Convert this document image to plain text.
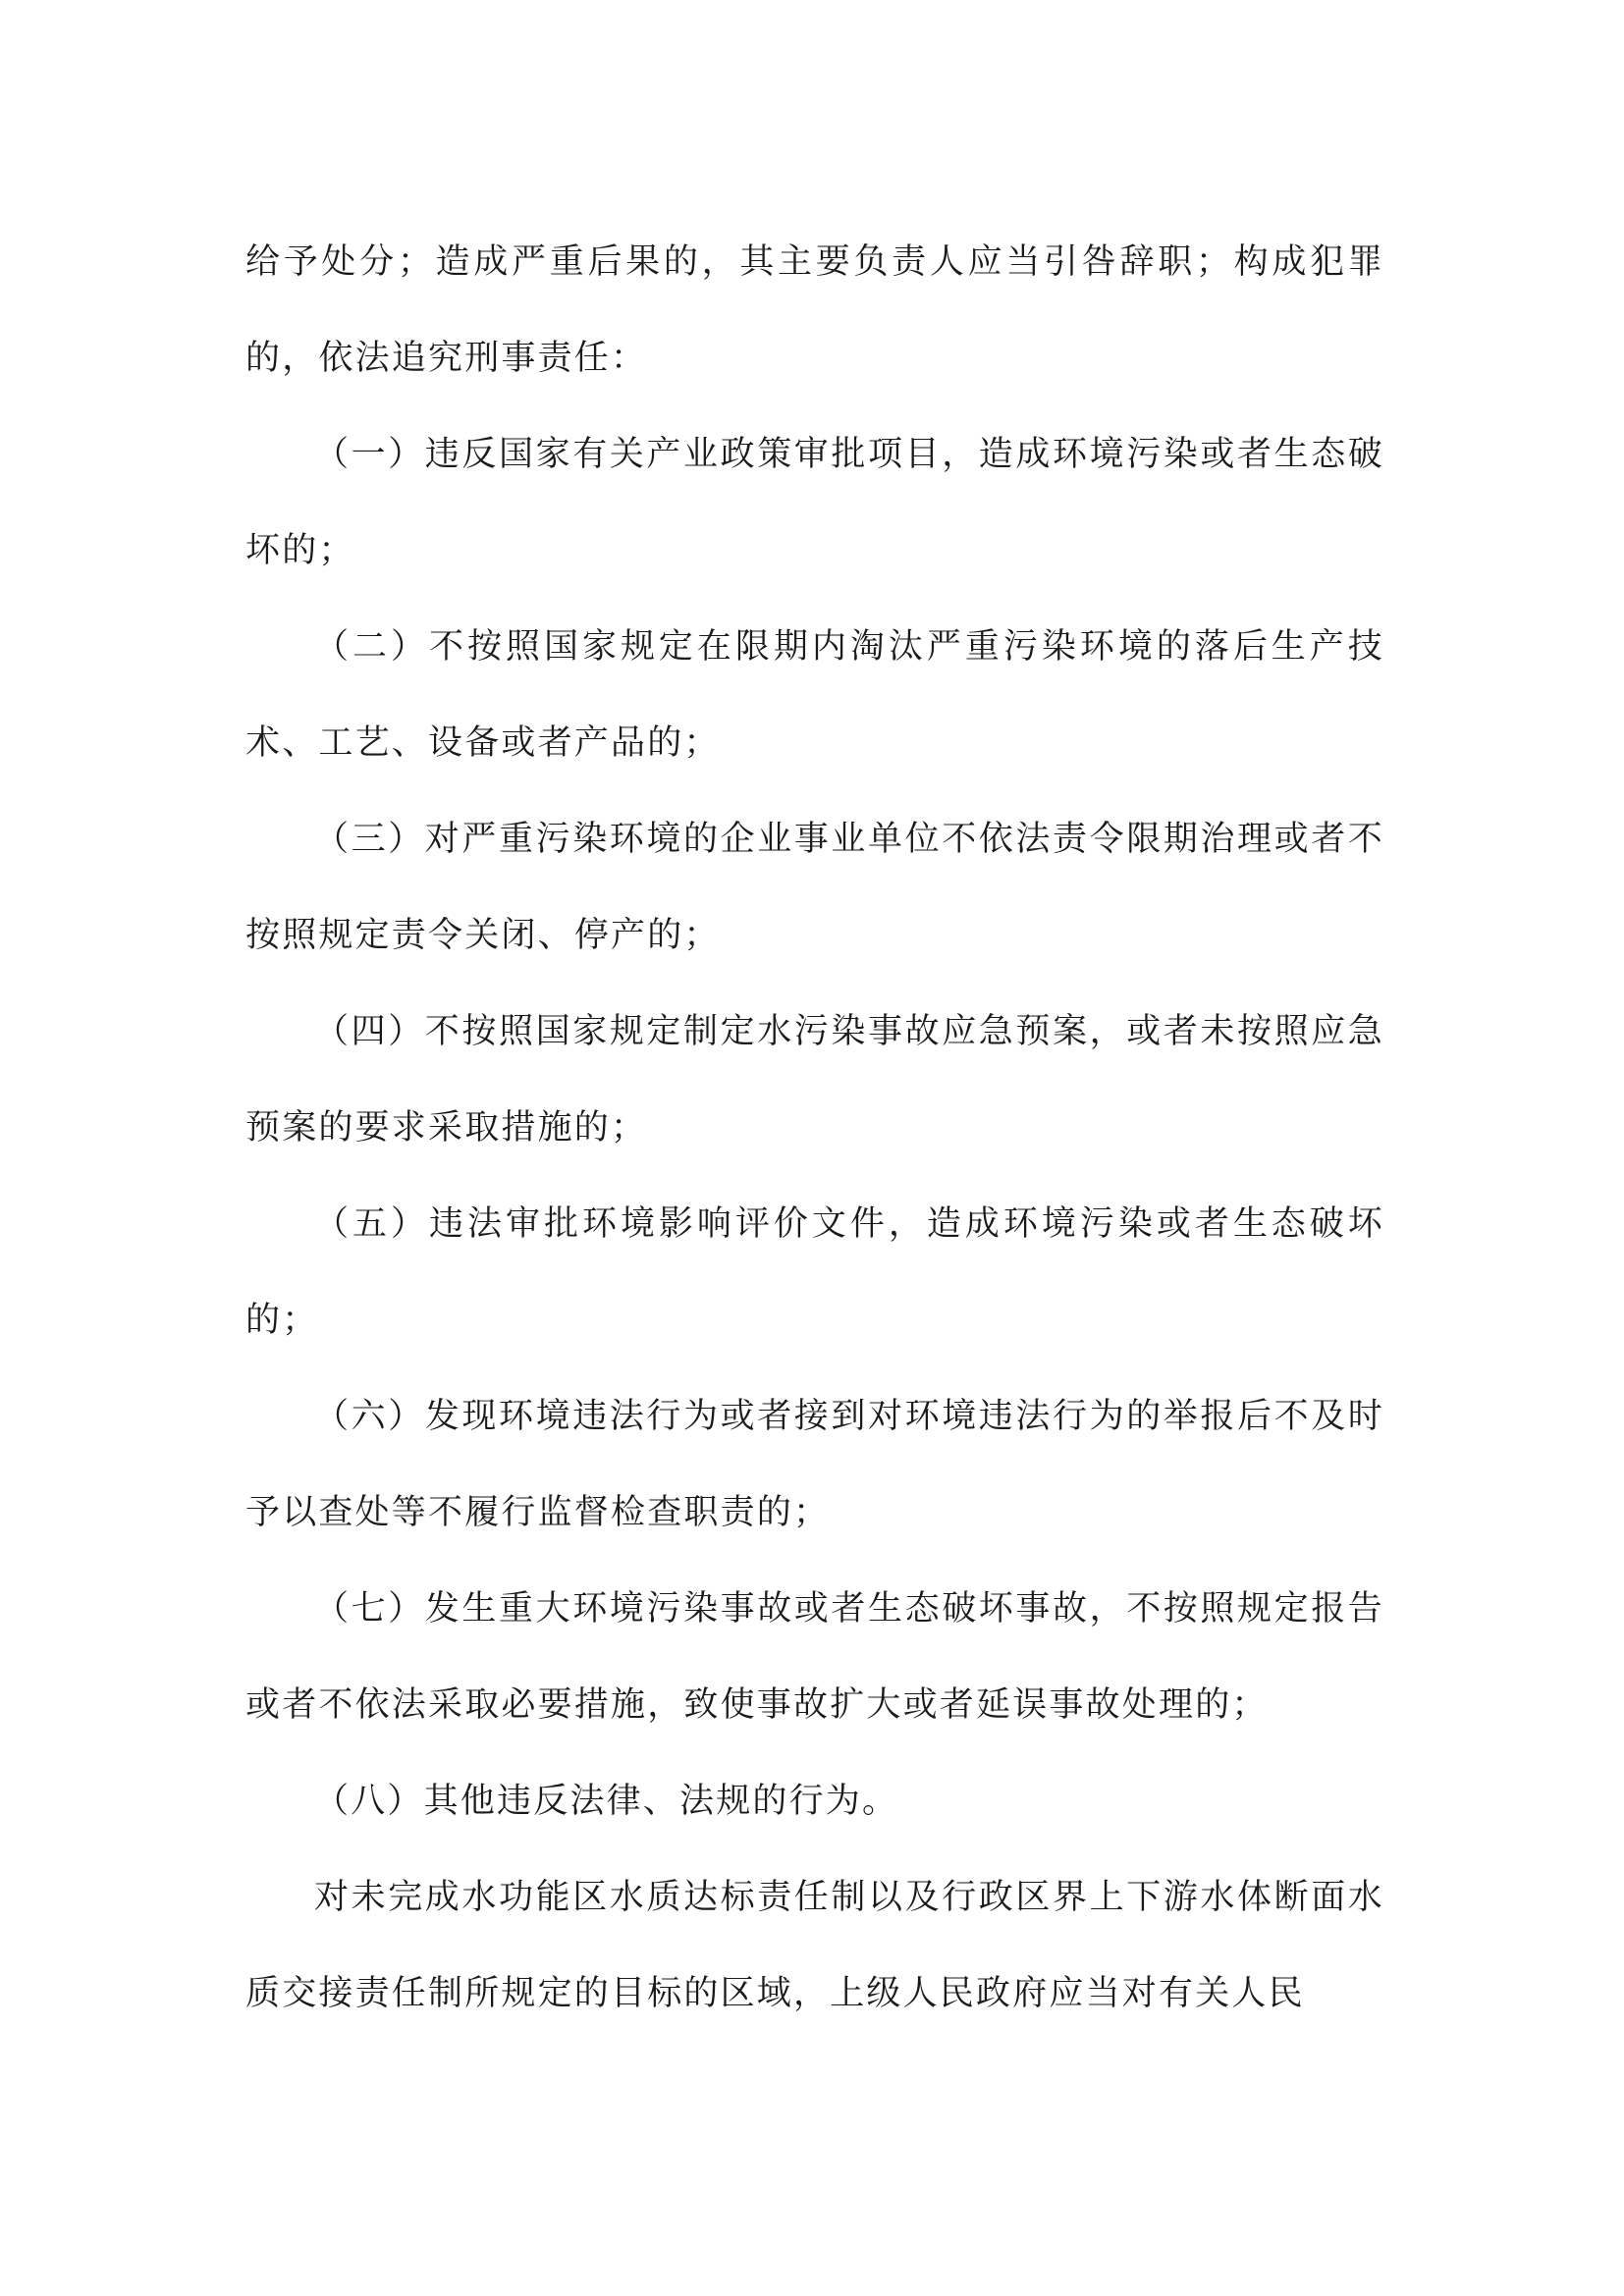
给予处分；造成严重后果的，其主要负责人应当引咎辞职；构成犯罪的，依法追究刑事责任：

（一）违反国家有关产业政策审批项目，造成环境污染或者生态破坏的；

（二）不按照国家规定在限期内淘汰严重污染环境的落后生产技术、工艺、设备或者产品的；

（三）对严重污染环境的企业事业单位不依法责令限期治理或者不按照规定责令关闭、停产的；

（四）不按照国家规定制定水污染事故应急预案，或者未按照应急预案的要求采取措施的；

（五）违法审批环境影响评价文件，造成环境污染或者生态破坏的；

（六）发现环境违法行为或者接到对环境违法行为的举报后不及时予以查处等不履行监督检查职责的；

（七）发生重大环境污染事故或者生态破坏事故，不按照规定报告或者不依法采取必要措施，致使事故扩大或者延误事故处理的；

（八）其他违反法律、法规的行为。

对未完成水功能区水质达标责任制以及行政区界上下游水体断面水质交接责任制所规定的目标的区域，上级人民政府应当对有关人民
